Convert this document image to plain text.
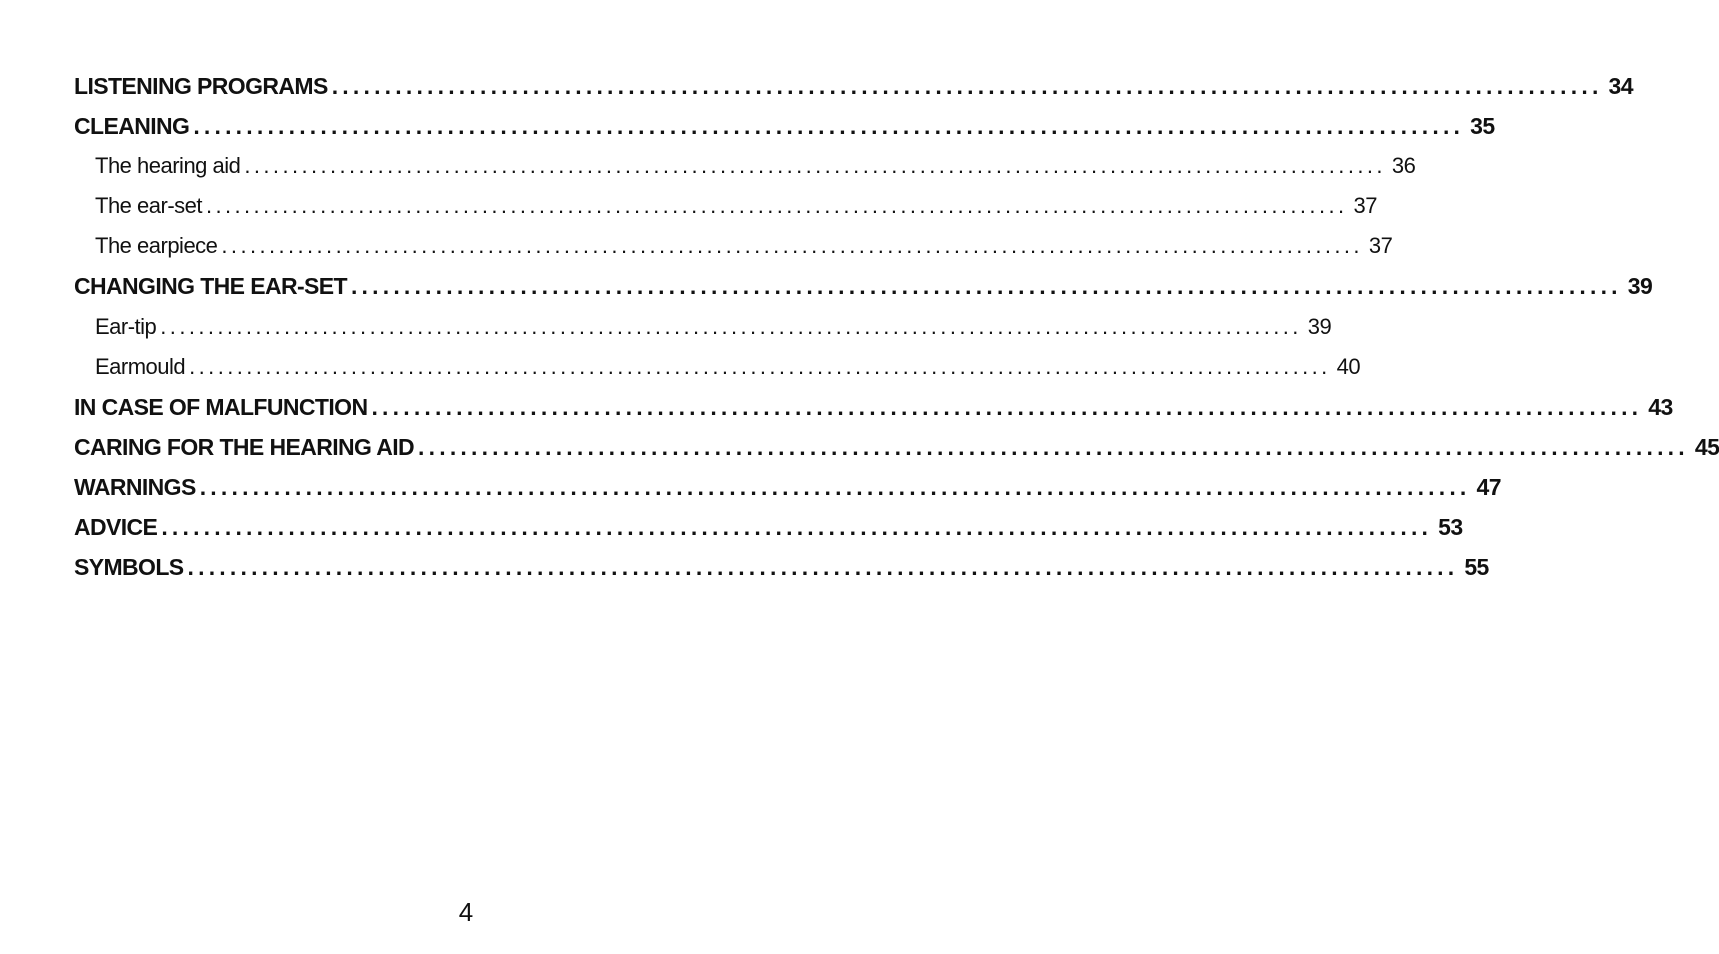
LISTENING PROGRAMS ........................................................................................................................ 34
CLEANING ........................................................................................................................ 35
The hearing aid ........................................................................................................................ 36
The ear-set ........................................................................................................................ 37
The earpiece ........................................................................................................................ 37
CHANGING THE EAR-SET ........................................................................................................................ 39
Ear-tip ........................................................................................................................ 39
Earmould ........................................................................................................................ 40
IN CASE OF MALFUNCTION ........................................................................................................................ 43
CARING FOR THE HEARING AID ........................................................................................................................ 45
WARNINGS ........................................................................................................................ 47
ADVICE ........................................................................................................................ 53
SYMBOLS ........................................................................................................................ 55
4
